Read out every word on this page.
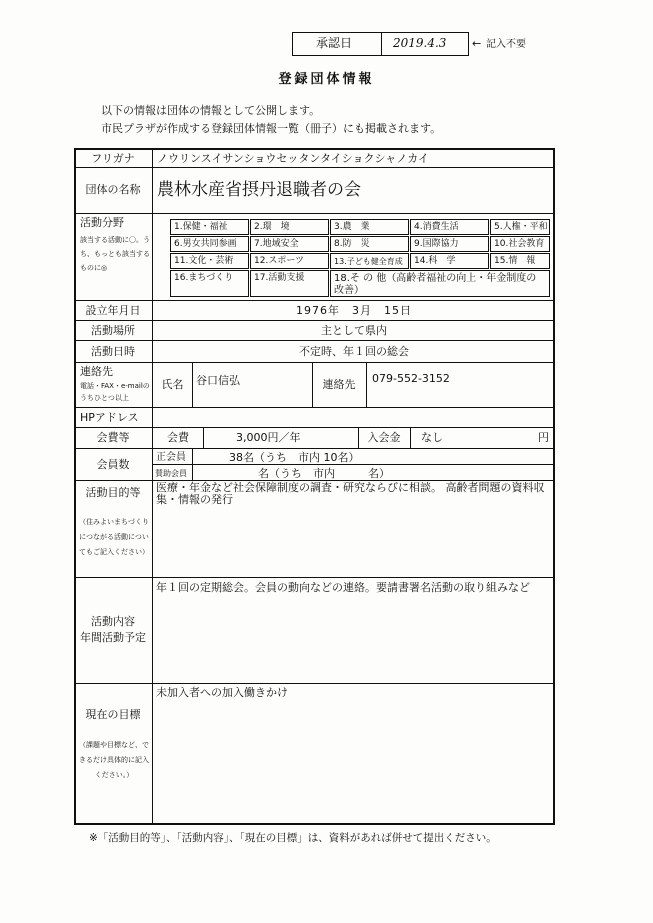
承認日	2019.4.3 ← 記入不要
登録団体情報
以下の情報は団体の情報として公開します。
市民プラザが作成する登録団体情報一覧（冊子）にも掲載されます。
フリガナ	ノウリンスイサンショウセッタンタイショクシャノカイ
団体の名称 農林水産省摂丹退職者の会
活動分野
該当する活動に〇。うち、もっとも該当するものに◎
1.保健・福祉	2.環　境	3.農　業	4.消費生活	5.人権・平和
6.男女共同参画 7.地域安全	8.防　災	9.国際協力	10.社会教育
11.文化・芸術 12.スポーツ	13.子ども健全育成 14.科　学	15.情　報
16.まちづくり 17.活動支援	18.そ の 他（高齢者福祉の向上・年金制度の改善）
設立年月日	1976年　3月　15日
活動場所	主として県内
活動日時	不定時、年１回の総会
連絡先
電話・FAX・e-mailのうちひとつ以上
氏名	谷口信弘	連絡先	079-552-3152
HPアドレス
会費等	会費	3,000円／年	入会金	なし	円
会員数
正会員	38名（うち　市内 10名）
賛助会員	名（うち　市内　　　名）
活動目的等
（住みよいまちづくりにつながる活動についてもご記入ください）
医療・年金など社会保障制度の調査・研究ならびに相談。 高齢者問題の資料収集・情報の発行
活動内容
年間活動予定
年１回の定期総会。会員の動向などの連絡。要請書署名活動の取り組みなど
現在の目標
（課題や目標など、できるだけ具体的に記入ください。）
未加入者への加入働きかけ
※「活動目的等」、「活動内容」、「現在の目標」は、資料があれば併せて提出ください。
